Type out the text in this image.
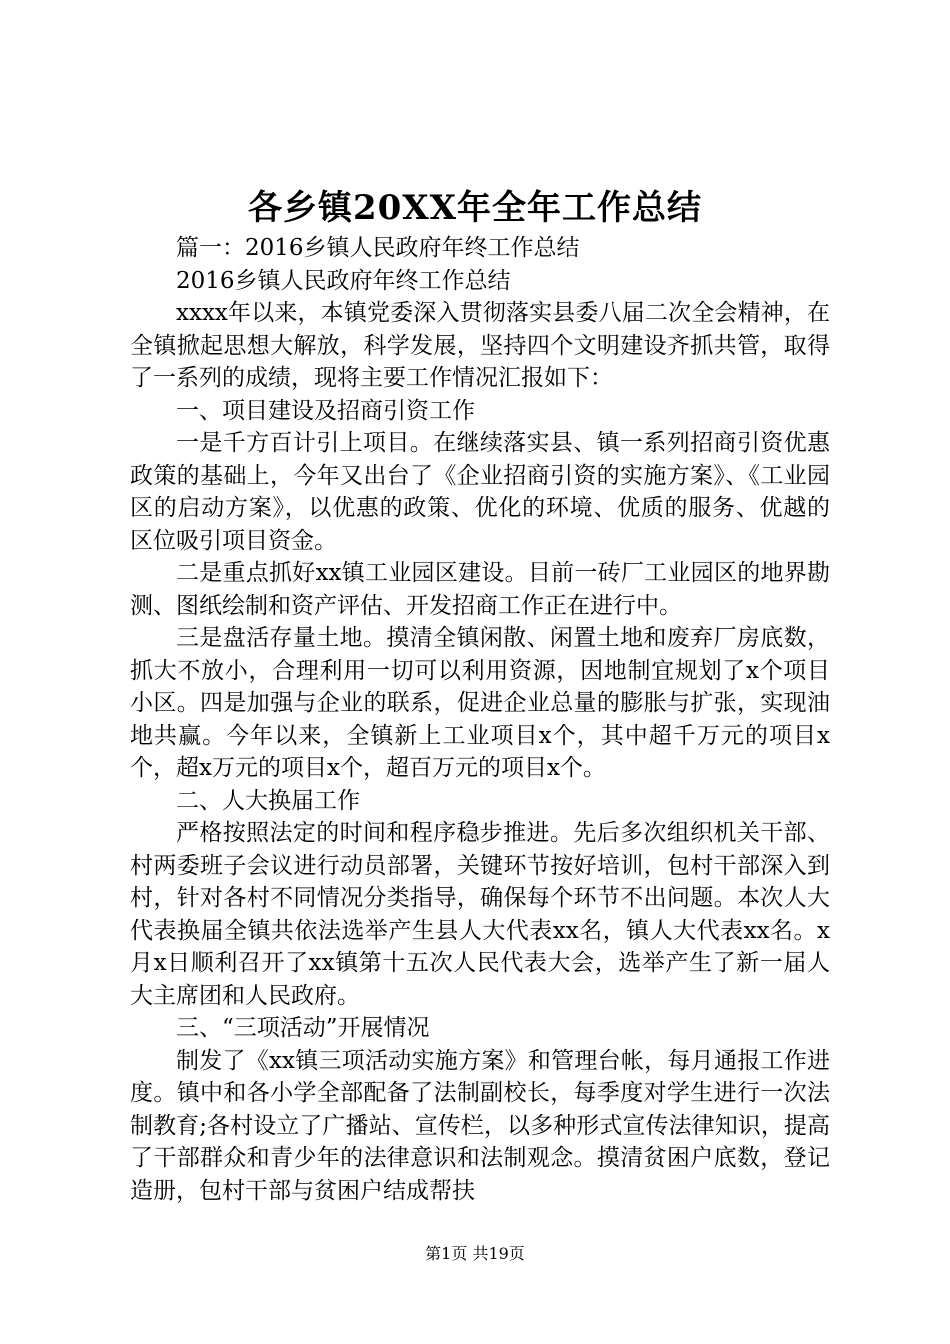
各乡镇20XX年全年工作总结

篇一：2016乡镇人民政府年终工作总结

2016乡镇人民政府年终工作总结

xxxx年以来，本镇党委深入贯彻落实县委八届二次全会精神，在全镇掀起思想大解放，科学发展，坚持四个文明建设齐抓共管，取得了一系列的成绩，现将主要工作情况汇报如下：

一、项目建设及招商引资工作

一是千方百计引上项目。在继续落实县、镇一系列招商引资优惠政策的基础上，今年又出台了《企业招商引资的实施方案》、《工业园区的启动方案》，以优惠的政策、优化的环境、优质的服务、优越的区位吸引项目资金。

二是重点抓好xx镇工业园区建设。目前一砖厂工业园区的地界勘测、图纸绘制和资产评估、开发招商工作正在进行中。

三是盘活存量土地。摸清全镇闲散、闲置土地和废弃厂房底数，抓大不放小，合理利用一切可以利用资源，因地制宜规划了x个项目小区。四是加强与企业的联系，促进企业总量的膨胀与扩张，实现油地共赢。今年以来，全镇新上工业项目x个，其中超千万元的项目x个，超x万元的项目x个，超百万元的项目x个。

二、人大换届工作

严格按照法定的时间和程序稳步推进。先后多次组织机关干部、村两委班子会议进行动员部署，关键环节按好培训，包村干部深入到村，针对各村不同情况分类指导，确保每个环节不出问题。本次人大代表换届全镇共依法选举产生县人大代表xx名，镇人大代表xx名。x月x日顺利召开了xx镇第十五次人民代表大会，选举产生了新一届人大主席团和人民政府。

三、“三项活动”开展情况

制发了《xx镇三项活动实施方案》和管理台帐，每月通报工作进度。镇中和各小学全部配备了法制副校长，每季度对学生进行一次法制教育;各村设立了广播站、宣传栏，以多种形式宣传法律知识，提高了干部群众和青少年的法律意识和法制观念。摸清贫困户底数，登记造册，包村干部与贫困户结成帮扶

第1页 共19页
